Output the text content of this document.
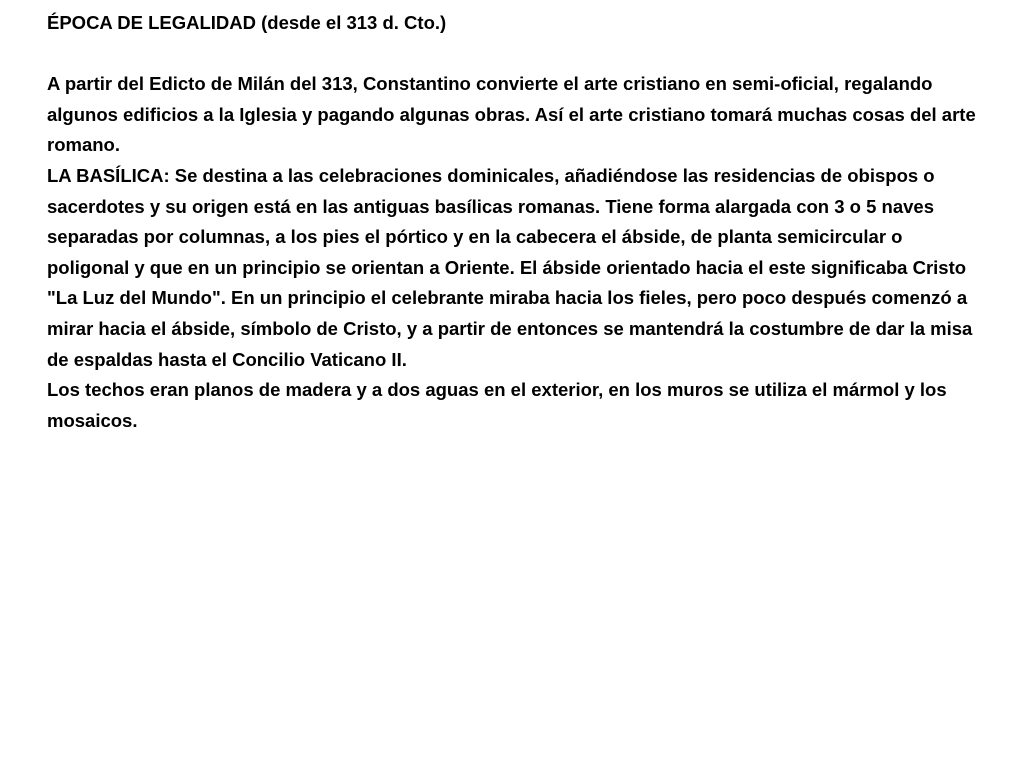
ÉPOCA DE LEGALIDAD (desde el 313 d. Cto.)

A partir del Edicto de Milán del 313, Constantino convierte el arte cristiano en semi-oficial, regalando algunos edificios a la Iglesia y pagando algunas obras. Así el arte cristiano tomará muchas cosas del arte romano.

LA BASÍLICA: Se destina a las celebraciones dominicales, añadiéndose las residencias de obispos o sacerdotes y su origen está en las antiguas basílicas romanas. Tiene forma alargada con 3 o 5 naves separadas por columnas, a los pies el pórtico y en la cabecera el ábside, de planta semicircular o poligonal y que en un principio se orientan a Oriente. El ábside orientado hacia el este significaba Cristo "La Luz del Mundo". En un principio el celebrante miraba hacia los fieles, pero poco después comenzó a mirar hacia el ábside, símbolo de Cristo, y a partir de entonces se mantendrá la costumbre de dar la misa de espaldas hasta el Concilio Vaticano II.

Los techos eran planos de madera y a dos aguas en el exterior, en los muros se utiliza el mármol y los mosaicos.
